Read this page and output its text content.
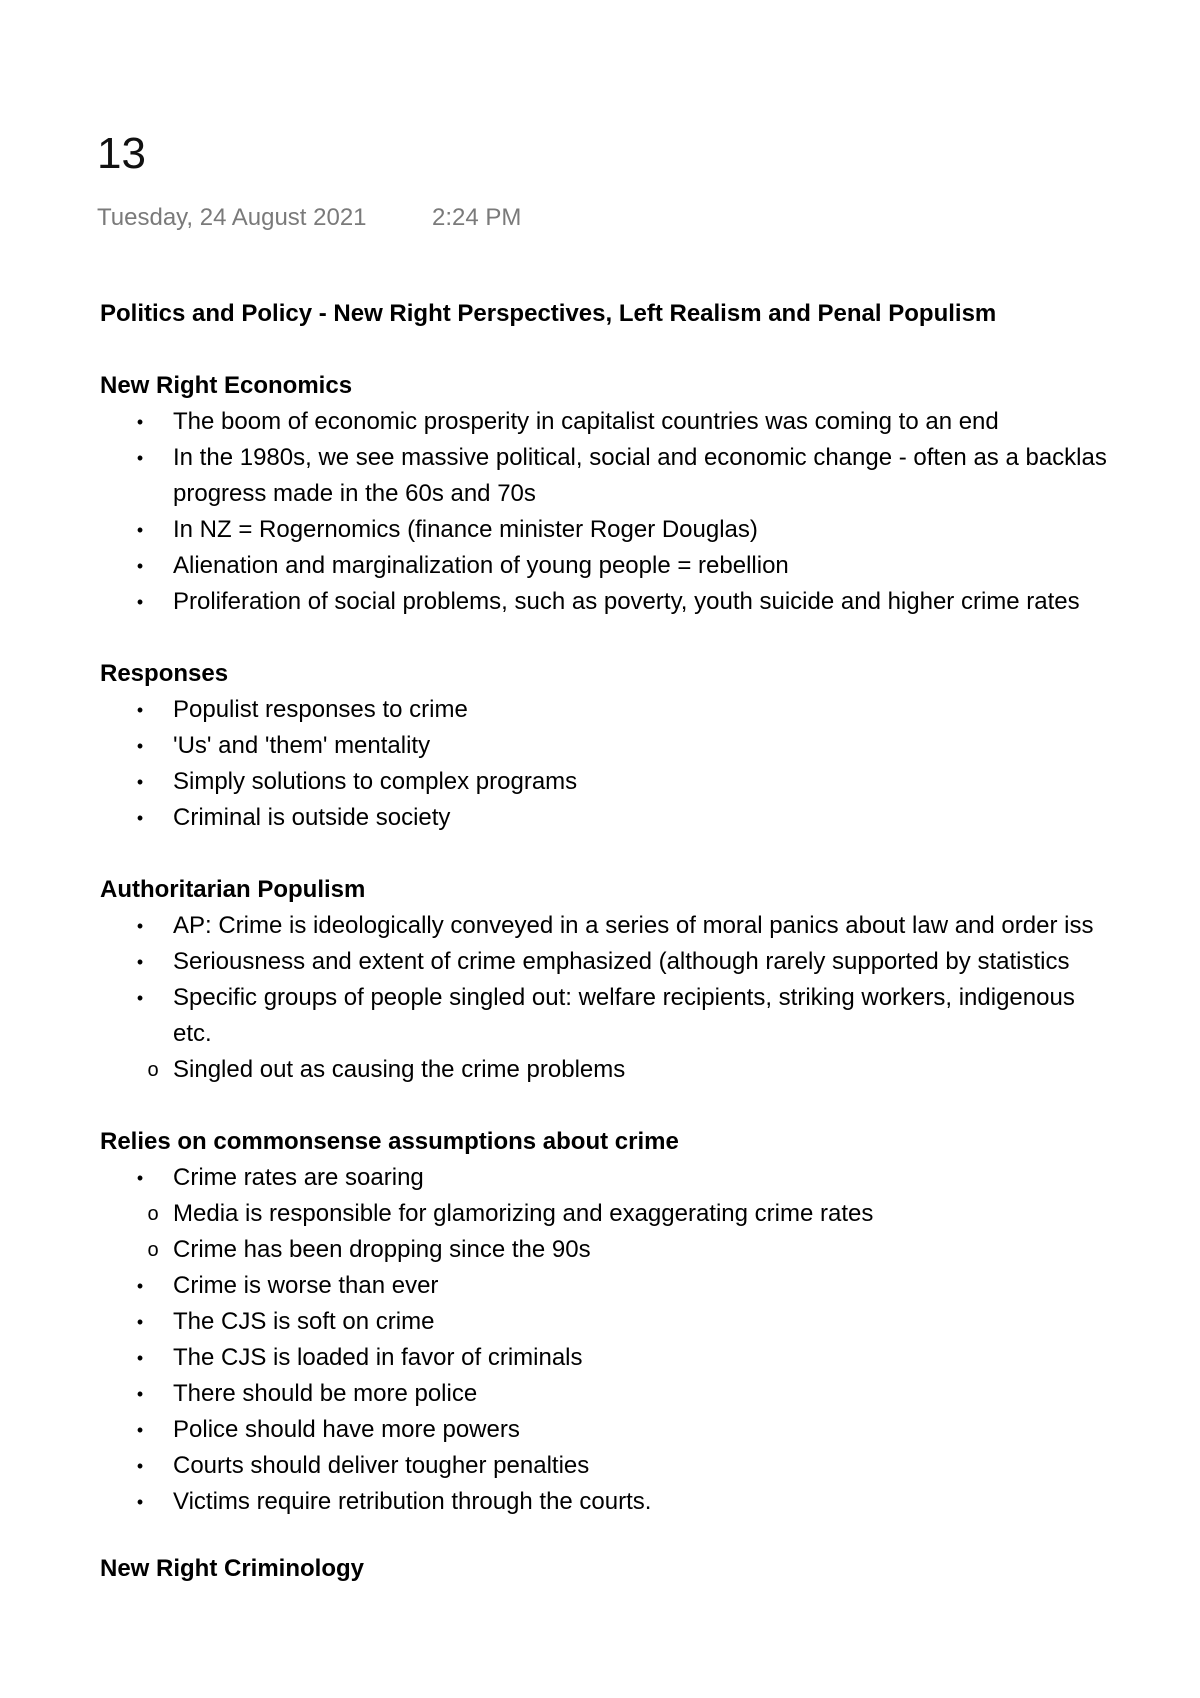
13
Tuesday, 24 August 2021	2:24 PM
Politics and Policy - New Right Perspectives, Left Realism and Penal Populism
New Right Economics
• The boom of economic prosperity in capitalist countries was coming to an end
• In the 1980s, we see massive political, social and economic change - often as a backlas
progress made in the 60s and 70s
• In NZ = Rogernomics (finance minister Roger Douglas)
• Alienation and marginalization of young people = rebellion
• Proliferation of social problems, such as poverty, youth suicide and higher crime rates
Responses
• Populist responses to crime
• 'Us' and 'them' mentality
• Simply solutions to complex programs
• Criminal is outside society
Authoritarian Populism
• AP: Crime is ideologically conveyed in a series of moral panics about law and order iss
• Seriousness and extent of crime emphasized (although rarely supported by statistics
• Specific groups of people singled out: welfare recipients, striking workers, indigenous
etc.
o Singled out as causing the crime problems
Relies on commonsense assumptions about crime
• Crime rates are soaring
o Media is responsible for glamorizing and exaggerating crime rates
o Crime has been dropping since the 90s
• Crime is worse than ever
• The CJS is soft on crime
• The CJS is loaded in favor of criminals
• There should be more police
• Police should have more powers
• Courts should deliver tougher penalties
• Victims require retribution through the courts.
New Right Criminology
